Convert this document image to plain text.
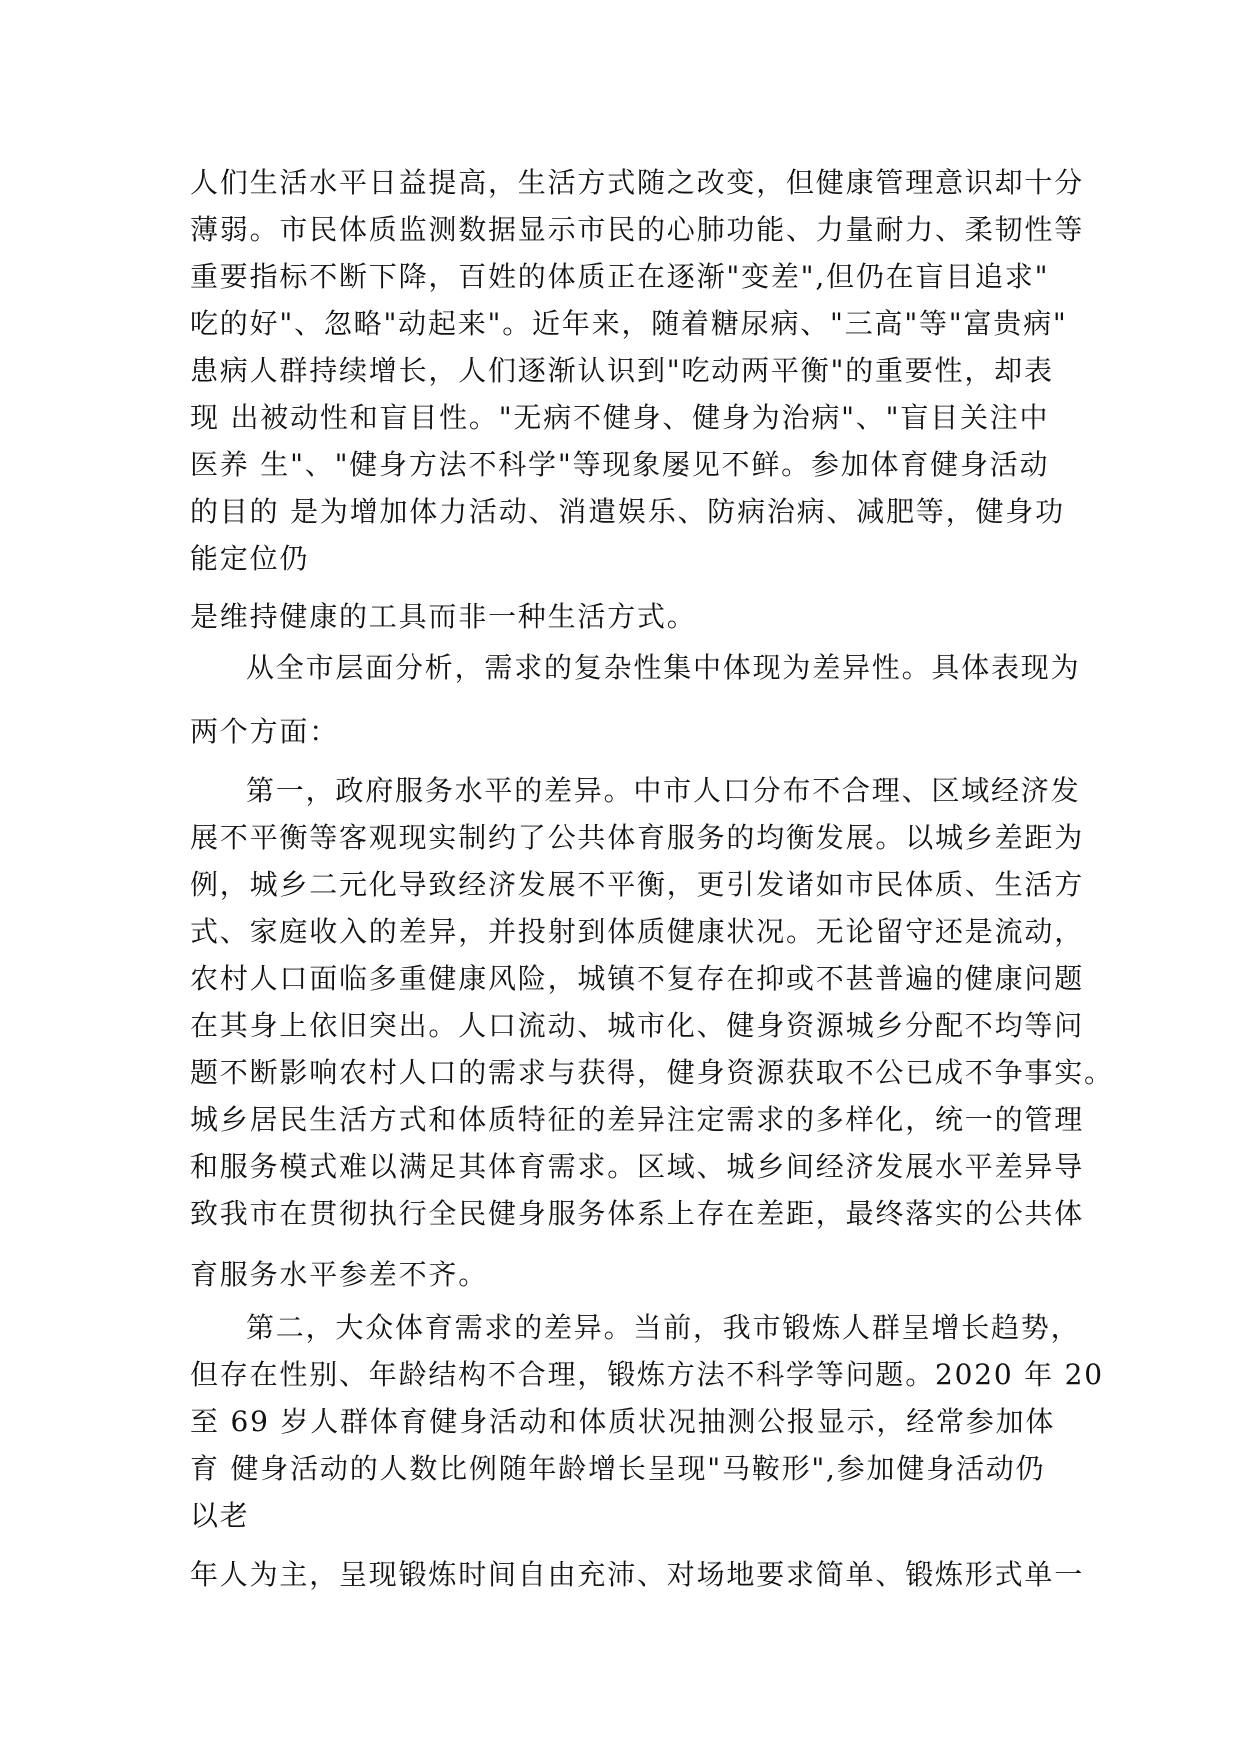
人们生活水平日益提高，生活方式随之改变，但健康管理意识却十分
薄弱。市民体质监测数据显示市民的心肺功能、力量耐力、柔韧性等
重要指标不断下降，百姓的体质正在逐渐"变差",但仍在盲目追求"
吃的好"、忽略"动起来"。近年来，随着糖尿病、"三高"等"富贵病"
患病人群持续增长，人们逐渐认识到"吃动两平衡"的重要性，却表
现 出被动性和盲目性。"无病不健身、健身为治病"、"盲目关注中
医养 生"、"健身方法不科学"等现象屡见不鲜。参加体育健身活动
的目的 是为增加体力活动、消遣娱乐、防病治病、减肥等，健身功
能定位仍
是维持健康的工具而非一种生活方式。
从全市层面分析，需求的复杂性集中体现为差异性。具体表现为
两个方面：
第一，政府服务水平的差异。中市人口分布不合理、区域经济发
展不平衡等客观现实制约了公共体育服务的均衡发展。以城乡差距为
例，城乡二元化导致经济发展不平衡，更引发诸如市民体质、生活方
式、家庭收入的差异，并投射到体质健康状况。无论留守还是流动，
农村人口面临多重健康风险，城镇不复存在抑或不甚普遍的健康问题
在其身上依旧突出。人口流动、城市化、健身资源城乡分配不均等问
题不断影响农村人口的需求与获得，健身资源获取不公已成不争事实。
城乡居民生活方式和体质特征的差异注定需求的多样化，统一的管理
和服务模式难以满足其体育需求。区域、城乡间经济发展水平差异导
致我市在贯彻执行全民健身服务体系上存在差距，最终落实的公共体
育服务水平参差不齐。
第二，大众体育需求的差异。当前，我市锻炼人群呈增长趋势，
但存在性别、年龄结构不合理，锻炼方法不科学等问题。2020 年 20
至 69 岁人群体育健身活动和体质状况抽测公报显示，经常参加体
育 健身活动的人数比例随年龄增长呈现"马鞍形",参加健身活动仍
以老
年人为主，呈现锻炼时间自由充沛、对场地要求简单、锻炼形式单一
